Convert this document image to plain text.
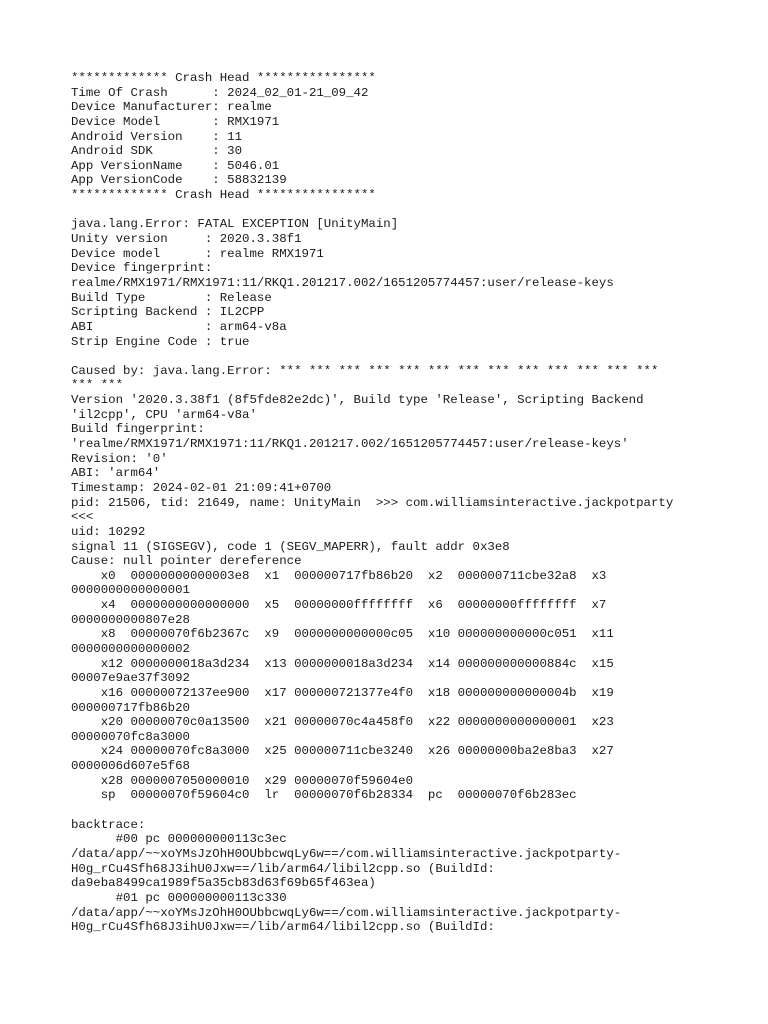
************* Crash Head ****************
Time Of Crash      : 2024_02_01-21_09_42
Device Manufacturer: realme
Device Model       : RMX1971
Android Version    : 11
Android SDK        : 30
App VersionName    : 5046.01
App VersionCode    : 58832139
************* Crash Head ****************
java.lang.Error: FATAL EXCEPTION [UnityMain]
Unity version     : 2020.3.38f1
Device model      : realme RMX1971
Device fingerprint:
realme/RMX1971/RMX1971:11/RKQ1.201217.002/1651205774457:user/release-keys
Build Type        : Release
Scripting Backend : IL2CPP
ABI               : arm64-v8a
Strip Engine Code : true
Caused by: java.lang.Error: *** *** *** *** *** *** *** *** *** *** *** *** ***
*** ***
Version '2020.3.38f1 (8f5fde82e2dc)', Build type 'Release', Scripting Backend
'il2cpp', CPU 'arm64-v8a'
Build fingerprint:
'realme/RMX1971/RMX1971:11/RKQ1.201217.002/1651205774457:user/release-keys'
Revision: '0'
ABI: 'arm64'
Timestamp: 2024-02-01 21:09:41+0700
pid: 21506, tid: 21649, name: UnityMain  >>> com.williamsinteractive.jackpotparty
<<<
uid: 10292
signal 11 (SIGSEGV), code 1 (SEGV_MAPERR), fault addr 0x3e8
Cause: null pointer dereference
x0  00000000000003e8  x1  000000717fb86b20  x2  000000711cbe32a8  x3
0000000000000001
x4  0000000000000000  x5  00000000ffffffff  x6  00000000ffffffff  x7
0000000000807e28
x8  00000070f6b2367c  x9  0000000000000c05  x10 000000000000c051  x11
0000000000000002
x12 0000000018a3d234  x13 0000000018a3d234  x14 000000000000884c  x15
00007e9ae37f3092
x16 00000072137ee900  x17 000000721377e4f0  x18 000000000000004b  x19
000000717fb86b20
x20 00000070c0a13500  x21 00000070c4a458f0  x22 0000000000000001  x23
00000070fc8a3000
x24 00000070fc8a3000  x25 000000711cbe3240  x26 00000000ba2e8ba3  x27
0000006d607e5f68
x28 0000007050000010  x29 00000070f59604e0
sp  00000070f59604c0  lr  00000070f6b28334  pc  00000070f6b283ec
backtrace:
#00 pc 000000000113c3ec
/data/app/~~xoYMsJzOhH0OUbbcwqLy6w==/com.williamsinteractive.jackpotparty-
H0g_rCu4Sfh68J3ihU0Jxw==/lib/arm64/libil2cpp.so (BuildId:
da9eba8499ca1989f5a35cb83d63f69b65f463ea)
#01 pc 000000000113c330
/data/app/~~xoYMsJzOhH0OUbbcwqLy6w==/com.williamsinteractive.jackpotparty-
H0g_rCu4Sfh68J3ihU0Jxw==/lib/arm64/libil2cpp.so (BuildId:
